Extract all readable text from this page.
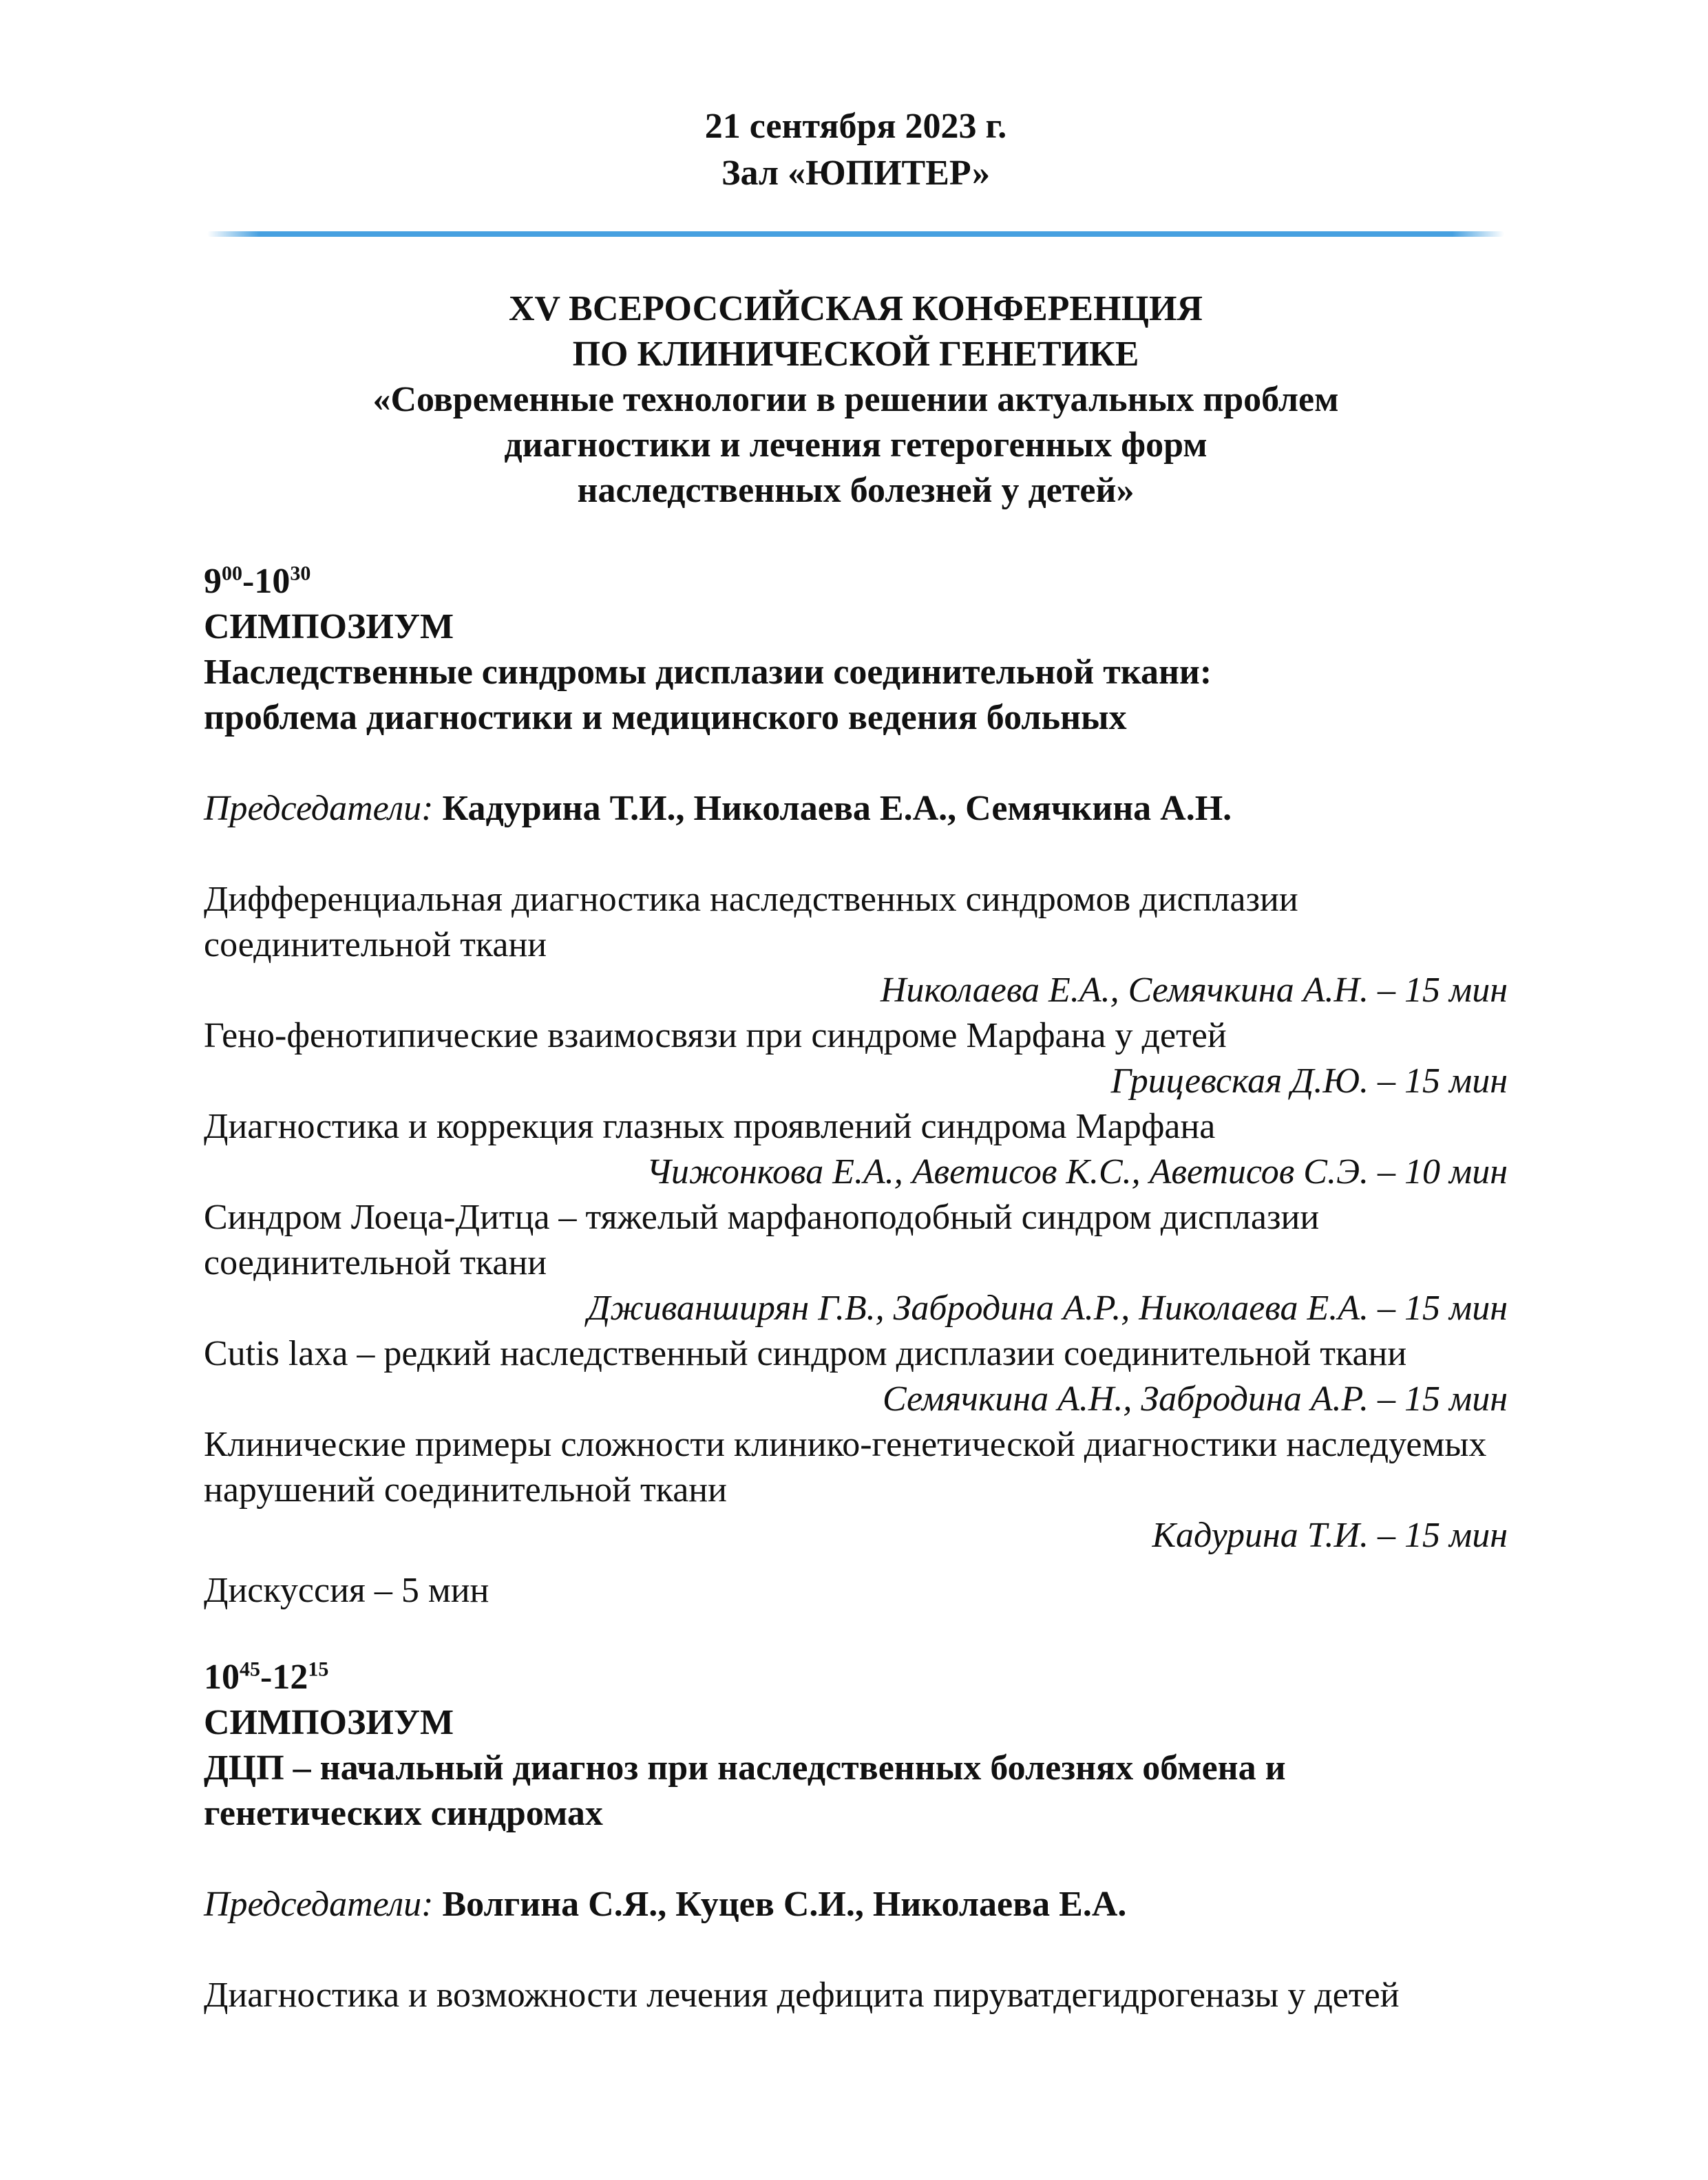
21 сентября 2023 г.
Зал «ЮПИТЕР»
XV ВСЕРОССИЙСКАЯ КОНФЕРЕНЦИЯ
ПО КЛИНИЧЕСКОЙ ГЕНЕТИКЕ
«Современные технологии в решении актуальных проблем
диагностики и лечения гетерогенных форм
наследственных болезней у детей»
$9^{00}-10^{30}$
СИМПОЗИУМ
Наследственные синдромы дисплазии соединительной ткани:
проблема диагностики и медицинского ведения больных
Председатели: Кадурина Т.И., Николаева Е.А., Семячкина А.Н.
Дифференциальная диагностика наследственных синдромов дисплазии соединительной ткани
Николаева Е.А., Семячкина А.Н. – 15 мин
Гено-фенотипические взаимосвязи при синдроме Марфана у детей
Грицевская Д.Ю. – 15 мин
Диагностика и коррекция глазных проявлений синдрома Марфана
Чижонкова Е.А., Аветисов К.С., Аветисов С.Э. – 10 мин
Синдром Лоеца-Дитца – тяжелый марфаноподобный синдром дисплазии соединительной ткани
Дживанширян Г.В., Забродина А.Р., Николаева Е.А. – 15 мин
Cutis laxa – редкий наследственный синдром дисплазии соединительной ткани
Семячкина А.Н., Забродина А.Р. – 15 мин
Клинические примеры сложности клинико-генетической диагностики наследуемых нарушений соединительной ткани
Кадурина Т.И. – 15 мин
Дискуссия – 5 мин
$10^{45}-12^{15}$
СИМПОЗИУМ
ДЦП – начальный диагноз при наследственных болезнях обмена и
генетических синдромах
Председатели: Волгина С.Я., Куцев С.И., Николаева Е.А.
Диагностика и возможности лечения дефицита пируватдегидрогеназы у детей
